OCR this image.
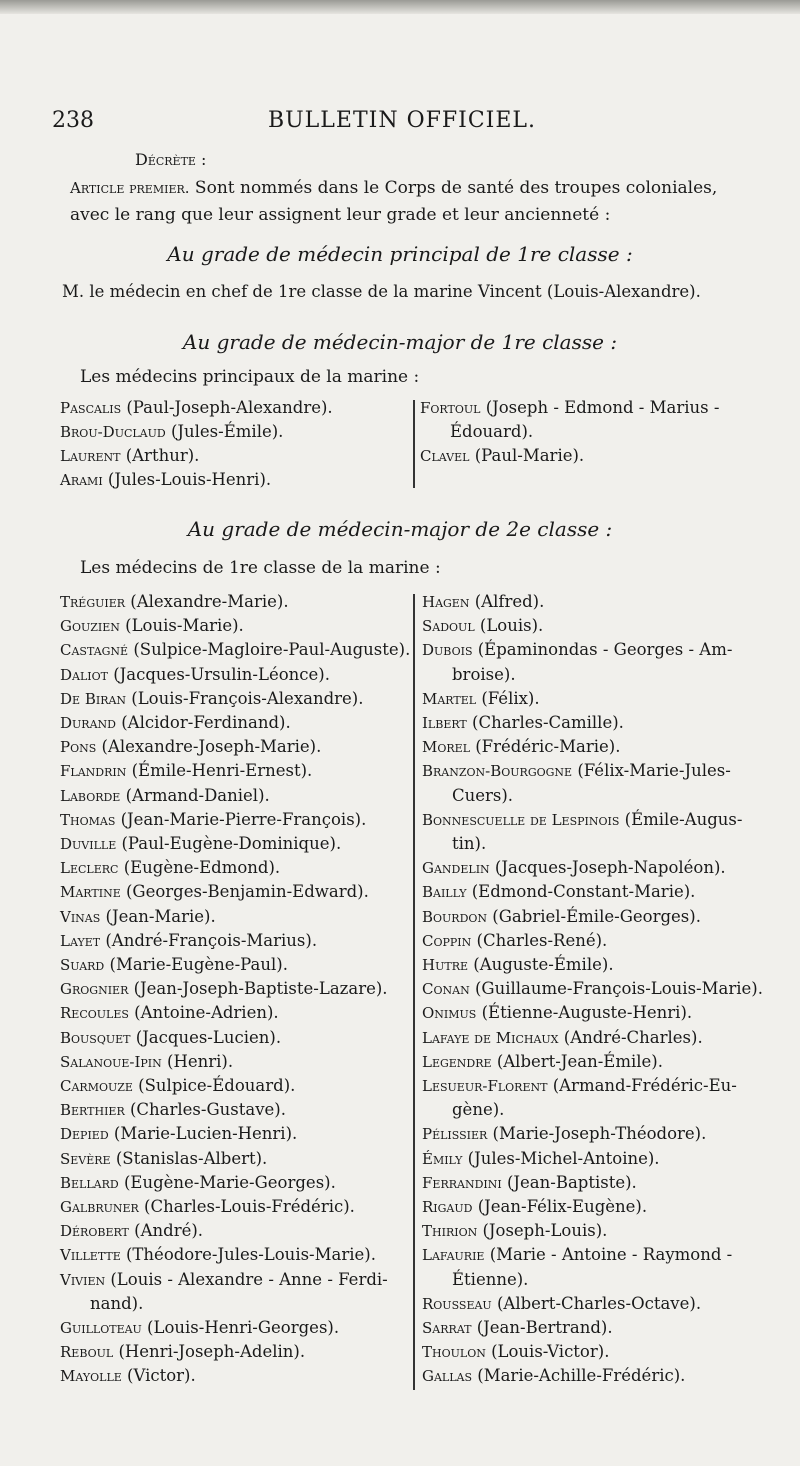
238	BULLETIN OFFICIEL.
Décrète :
Article premier. Sont nommés dans le Corps de santé des troupes coloniales, avec le rang que leur assignent leur grade et leur ancienneté :
Au grade de médecin principal de 1re classe :
M. le médecin en chef de 1re classe de la marine Vincent (Louis-Alexandre).
Au grade de médecin-major de 1re classe :
Les médecins principaux de la marine :
Pascalis (Paul-Joseph-Alexandre).
Brou-Duclaud (Jules-Émile).
Laurent (Arthur).
Arami (Jules-Louis-Henri).
Fortoul (Joseph - Edmond - Marius -
Édouard).
Clavel (Paul-Marie).
Au grade de médecin-major de 2e classe :
Les médecins de 1re classe de la marine :
Tréguier (Alexandre-Marie).
Gouzien (Louis-Marie).
Castagné (Sulpice-Magloire-Paul-Auguste).
Daliot (Jacques-Ursulin-Léonce).
De Biran (Louis-François-Alexandre).
Durand (Alcidor-Ferdinand).
Pons (Alexandre-Joseph-Marie).
Flandrin (Émile-Henri-Ernest).
Laborde (Armand-Daniel).
Thomas (Jean-Marie-Pierre-François).
Duville (Paul-Eugène-Dominique).
Leclerc (Eugène-Edmond).
Martine (Georges-Benjamin-Edward).
Vinas (Jean-Marie).
Layet (André-François-Marius).
Suard (Marie-Eugène-Paul).
Grognier (Jean-Joseph-Baptiste-Lazare).
Recoules (Antoine-Adrien).
Bousquet (Jacques-Lucien).
Salanoue-Ipin (Henri).
Carmouze (Sulpice-Édouard).
Berthier (Charles-Gustave).
Depied (Marie-Lucien-Henri).
Sevère (Stanislas-Albert).
Bellard (Eugène-Marie-Georges).
Galbruner (Charles-Louis-Frédéric).
Dérobert (André).
Villette (Théodore-Jules-Louis-Marie).
Vivien (Louis - Alexandre - Anne - Ferdi-
nand).
Guilloteau (Louis-Henri-Georges).
Reboul (Henri-Joseph-Adelin).
Mayolle (Victor).
Hagen (Alfred).
Sadoul (Louis).
Dubois (Épaminondas - Georges - Am-
broise).
Martel (Félix).
Ilbert (Charles-Camille).
Morel (Frédéric-Marie).
Branzon-Bourgogne (Félix-Marie-Jules-
Cuers).
Bonnescuelle de Lespinois (Émile-Augus-
tin).
Gandelin (Jacques-Joseph-Napoléon).
Bailly (Edmond-Constant-Marie).
Bourdon (Gabriel-Émile-Georges).
Coppin (Charles-René).
Hutre (Auguste-Émile).
Conan (Guillaume-François-Louis-Marie).
Onimus (Étienne-Auguste-Henri).
Lafaye de Michaux (André-Charles).
Legendre (Albert-Jean-Émile).
Lesueur-Florent (Armand-Frédéric-Eu-
gène).
Pélissier (Marie-Joseph-Théodore).
Émily (Jules-Michel-Antoine).
Ferrandini (Jean-Baptiste).
Rigaud (Jean-Félix-Eugène).
Thirion (Joseph-Louis).
Lafaurie (Marie - Antoine - Raymond -
Étienne).
Rousseau (Albert-Charles-Octave).
Sarrat (Jean-Bertrand).
Thoulon (Louis-Victor).
Gallas (Marie-Achille-Frédéric).
